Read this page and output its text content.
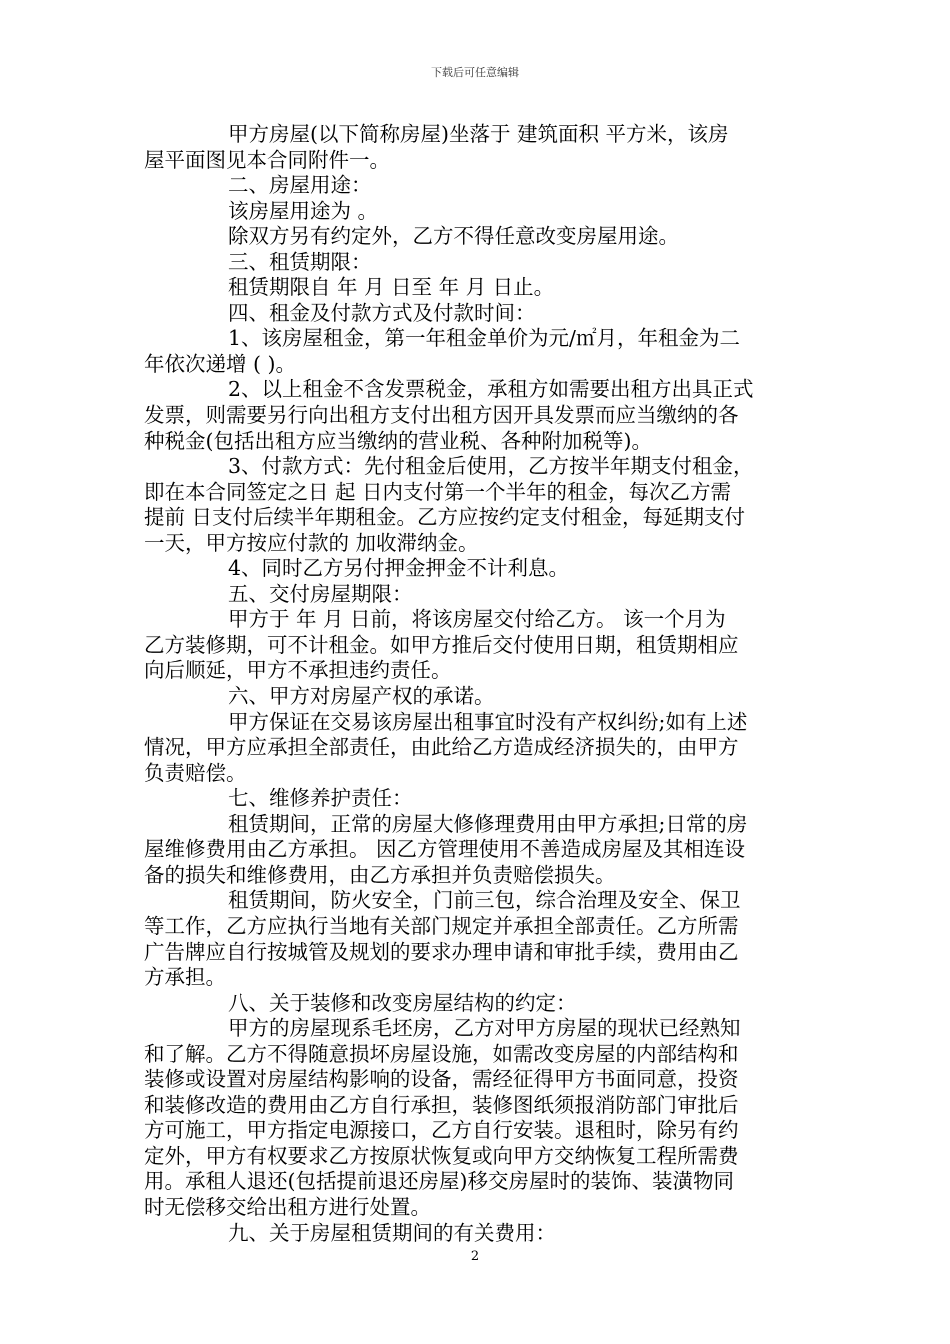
下载后可任意编辑

甲方房屋(以下简称房屋)坐落于 建筑面积 平方米，该房
屋平面图见本合同附件一。

二、房屋用途：

该房屋用途为 。

除双方另有约定外，乙方不得任意改变房屋用途。

三、租赁期限：

租赁期限自 年 月 日至 年 月 日止。

四、租金及付款方式及付款时间：

1、该房屋租金，第一年租金单价为元/㎡月，年租金为二
年依次递增 ( )。

2、以上租金不含发票税金，承租方如需要出租方出具正式
发票，则需要另行向出租方支付出租方因开具发票而应当缴纳的各
种税金(包括出租方应当缴纳的营业税、各种附加税等)。

3、付款方式：先付租金后使用，乙方按半年期支付租金，
即在本合同签定之日 起 日内支付第一个半年的租金，每次乙方需
提前 日支付后续半年期租金。乙方应按约定支付租金，每延期支付
一天，甲方按应付款的 加收滞纳金。

4、同时乙方另付押金押金不计利息。

五、交付房屋期限：

甲方于 年 月 日前，将该房屋交付给乙方。 该一个月为
乙方装修期，可不计租金。如甲方推后交付使用日期，租赁期相应
向后顺延，甲方不承担违约责任。

六、甲方对房屋产权的承诺。

甲方保证在交易该房屋出租事宜时没有产权纠纷;如有上述
情况，甲方应承担全部责任，由此给乙方造成经济损失的，由甲方
负责赔偿。

七、维修养护责任：

租赁期间，正常的房屋大修修理费用由甲方承担;日常的房
屋维修费用由乙方承担。 因乙方管理使用不善造成房屋及其相连设
备的损失和维修费用，由乙方承担并负责赔偿损失。

租赁期间，防火安全，门前三包，综合治理及安全、保卫
等工作，乙方应执行当地有关部门规定并承担全部责任。乙方所需
广告牌应自行按城管及规划的要求办理申请和审批手续，费用由乙
方承担。

八、关于装修和改变房屋结构的约定：

甲方的房屋现系毛坯房，乙方对甲方房屋的现状已经熟知
和了解。乙方不得随意损坏房屋设施，如需改变房屋的内部结构和
装修或设置对房屋结构影响的设备，需经征得甲方书面同意，投资
和装修改造的费用由乙方自行承担，装修图纸须报消防部门审批后
方可施工，甲方指定电源接口，乙方自行安装。退租时，除另有约
定外，甲方有权要求乙方按原状恢复或向甲方交纳恢复工程所需费
用。承租人退还(包括提前退还房屋)移交房屋时的装饰、装潢物同
时无偿移交给出租方进行处置。

九、关于房屋租赁期间的有关费用：

2
